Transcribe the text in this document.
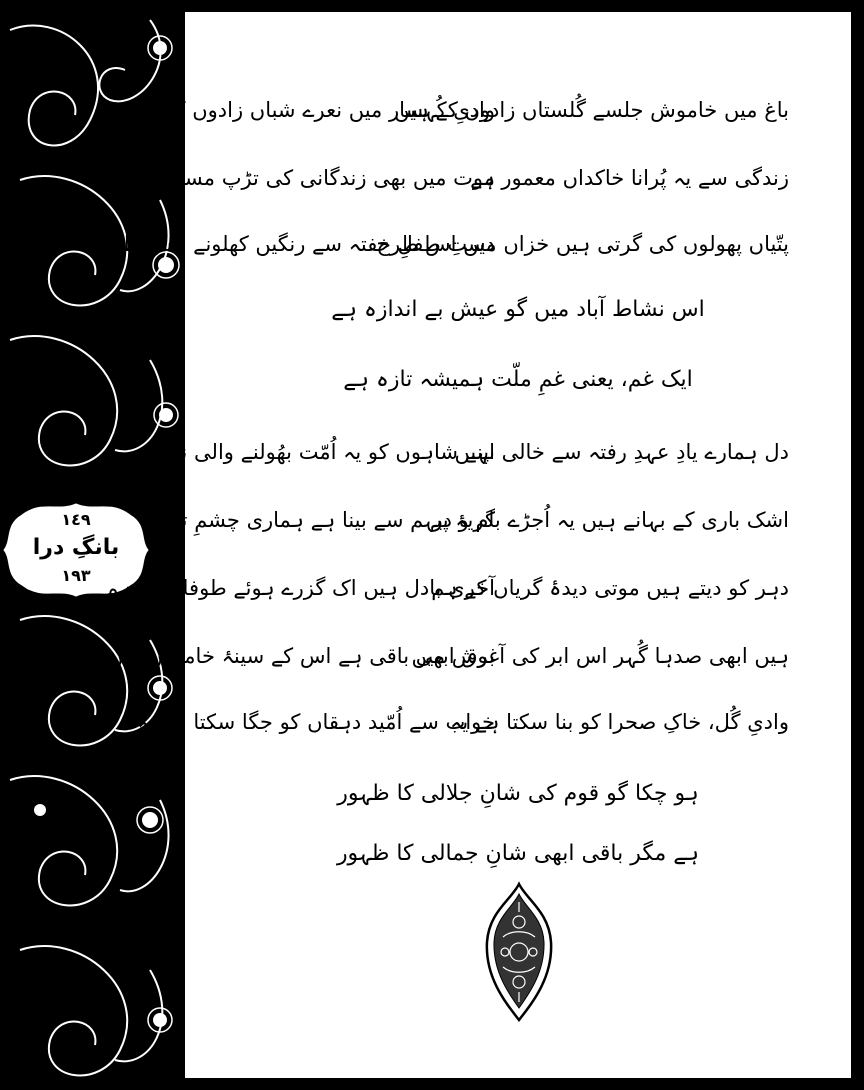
١٤٩
بانگِ درا
١٩٣
باغ میں خاموش جلسے گُلستاں زادوں کے ہیں
وادیِ کُہسار میں نعرے شباں زادوں کے ہیں
زندگی سے یہ پُرانا خاکداں معمور ہے
موت میں بھی زندگانی کی تڑپ مستور ہے
پتّیاں پھولوں کی گرتی ہیں خزاں میں اس طرح
دستِ طفلِ خفتہ سے رنگیں کھلونے جس طرح
اس نشاط آباد میں گو عیش بے اندازہ ہے
ایک غم، یعنی غمِ ملّت ہمیشہ تازہ ہے
دل ہمارے یادِ عہدِ رفتہ سے خالی نہیں
اپنے شاہوں کو یہ اُمّت بھُولنے والی نہیں
اشک باری کے بہانے ہیں یہ اُجڑے بام و در
گریۂ پیہم سے بینا ہے ہماری چشمِ تر
دہر کو دیتے ہیں موتی دیدۂ گریاں کے ہم
آخری بادل ہیں اک گزرے ہوئے طوفاں کے ہم
ہیں ابھی صدہا گُہر اس ابر کی آغوش میں
برق ابھی باقی ہے اس کے سینۂ خاموش میں
وادیِ گُل، خاکِ صحرا کو بنا سکتا ہے یہ
خواب سے اُمّید دہقاں کو جگا سکتا ہے یہ
ہو چکا گو قوم کی شانِ جلالی کا ظہور
ہے مگر باقی ابھی شانِ جمالی کا ظہور
